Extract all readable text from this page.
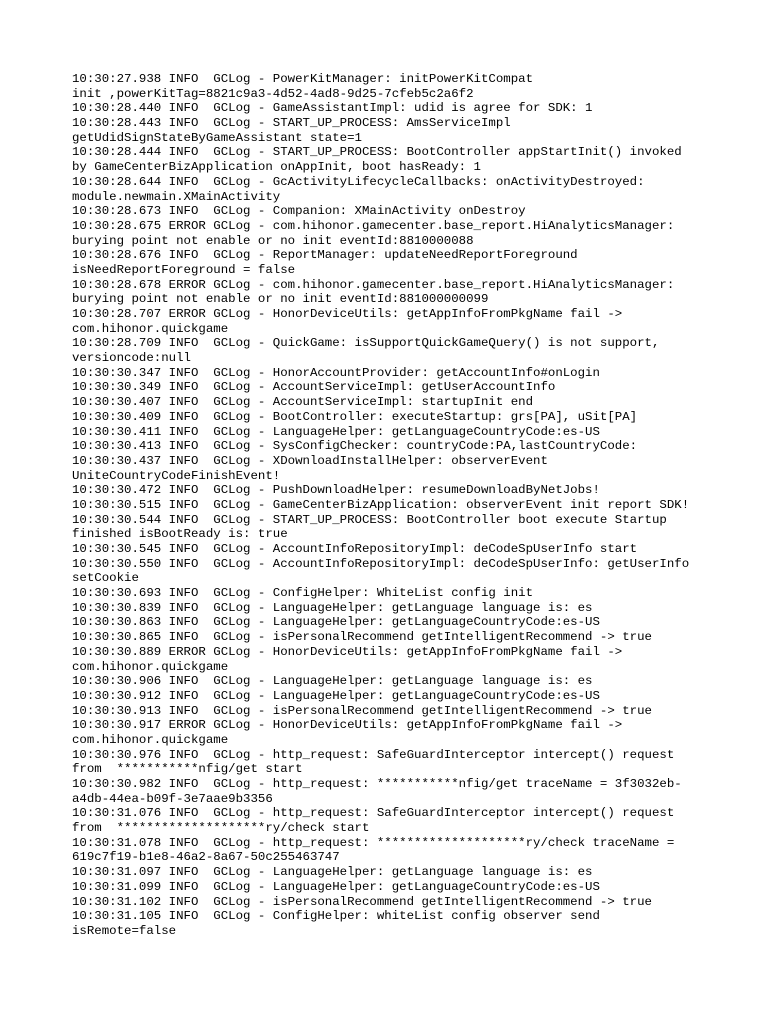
10:30:27.938 INFO  GCLog - PowerKitManager: initPowerKitCompat
init ,powerKitTag=8821c9a3-4d52-4ad8-9d25-7cfeb5c2a6f2
10:30:28.440 INFO  GCLog - GameAssistantImpl: udid is agree for SDK: 1
10:30:28.443 INFO  GCLog - START_UP_PROCESS: AmsServiceImpl
getUdidSignStateByGameAssistant state=1
10:30:28.444 INFO  GCLog - START_UP_PROCESS: BootController appStartInit() invoked
by GameCenterBizApplication onAppInit, boot hasReady: 1
10:30:28.644 INFO  GCLog - GcActivityLifecycleCallbacks: onActivityDestroyed:
module.newmain.XMainActivity
10:30:28.673 INFO  GCLog - Companion: XMainActivity onDestroy
10:30:28.675 ERROR GCLog - com.hihonor.gamecenter.base_report.HiAnalyticsManager:
burying point not enable or no init eventId:8810000088
10:30:28.676 INFO  GCLog - ReportManager: updateNeedReportForeground
isNeedReportForeground = false
10:30:28.678 ERROR GCLog - com.hihonor.gamecenter.base_report.HiAnalyticsManager:
burying point not enable or no init eventId:881000000099
10:30:28.707 ERROR GCLog - HonorDeviceUtils: getAppInfoFromPkgName fail ->
com.hihonor.quickgame
10:30:28.709 INFO  GCLog - QuickGame: isSupportQuickGameQuery() is not support,
versioncode:null
10:30:30.347 INFO  GCLog - HonorAccountProvider: getAccountInfo#onLogin
10:30:30.349 INFO  GCLog - AccountServiceImpl: getUserAccountInfo
10:30:30.407 INFO  GCLog - AccountServiceImpl: startupInit end
10:30:30.409 INFO  GCLog - BootController: executeStartup: grs[PA], uSit[PA]
10:30:30.411 INFO  GCLog - LanguageHelper: getLanguageCountryCode:es-US
10:30:30.413 INFO  GCLog - SysConfigChecker: countryCode:PA,lastCountryCode:
10:30:30.437 INFO  GCLog - XDownloadInstallHelper: observerEvent
UniteCountryCodeFinishEvent!
10:30:30.472 INFO  GCLog - PushDownloadHelper: resumeDownloadByNetJobs!
10:30:30.515 INFO  GCLog - GameCenterBizApplication: observerEvent init report SDK!
10:30:30.544 INFO  GCLog - START_UP_PROCESS: BootController boot execute Startup
finished isBootReady is: true
10:30:30.545 INFO  GCLog - AccountInfoRepositoryImpl: deCodeSpUserInfo start
10:30:30.550 INFO  GCLog - AccountInfoRepositoryImpl: deCodeSpUserInfo: getUserInfo
setCookie
10:30:30.693 INFO  GCLog - ConfigHelper: WhiteList config init
10:30:30.839 INFO  GCLog - LanguageHelper: getLanguage language is: es
10:30:30.863 INFO  GCLog - LanguageHelper: getLanguageCountryCode:es-US
10:30:30.865 INFO  GCLog - isPersonalRecommend getIntelligentRecommend -> true
10:30:30.889 ERROR GCLog - HonorDeviceUtils: getAppInfoFromPkgName fail ->
com.hihonor.quickgame
10:30:30.906 INFO  GCLog - LanguageHelper: getLanguage language is: es
10:30:30.912 INFO  GCLog - LanguageHelper: getLanguageCountryCode:es-US
10:30:30.913 INFO  GCLog - isPersonalRecommend getIntelligentRecommend -> true
10:30:30.917 ERROR GCLog - HonorDeviceUtils: getAppInfoFromPkgName fail ->
com.hihonor.quickgame
10:30:30.976 INFO  GCLog - http_request: SafeGuardInterceptor intercept() request
from  ***********nfig/get start
10:30:30.982 INFO  GCLog - http_request: ***********nfig/get traceName = 3f3032eb-
a4db-44ea-b09f-3e7aae9b3356
10:30:31.076 INFO  GCLog - http_request: SafeGuardInterceptor intercept() request
from  ********************ry/check start
10:30:31.078 INFO  GCLog - http_request: ********************ry/check traceName =
619c7f19-b1e8-46a2-8a67-50c255463747
10:30:31.097 INFO  GCLog - LanguageHelper: getLanguage language is: es
10:30:31.099 INFO  GCLog - LanguageHelper: getLanguageCountryCode:es-US
10:30:31.102 INFO  GCLog - isPersonalRecommend getIntelligentRecommend -> true
10:30:31.105 INFO  GCLog - ConfigHelper: whiteList config observer send
isRemote=false
